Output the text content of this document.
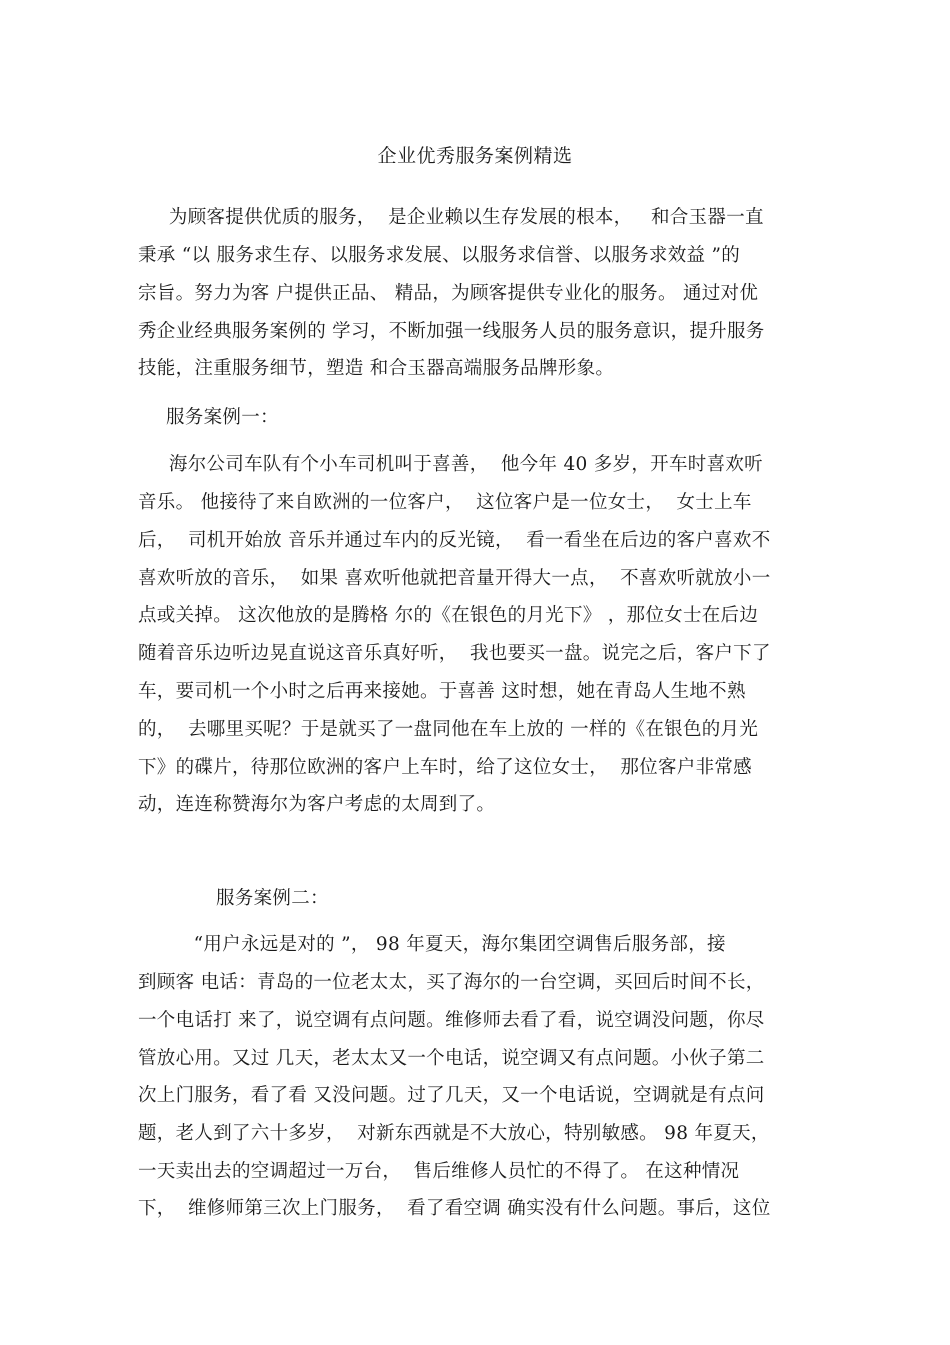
企业优秀服务案例精选
为顾客提供优质的服务，  是企业赖以生存发展的根本，   和合玉器一直
秉承 “以 服务求生存、以服务求发展、以服务求信誉、以服务求效益 ”的
宗旨。努力为客 户提供正品、 精品，为顾客提供专业化的服务。 通过对优
秀企业经典服务案例的 学习，不断加强一线服务人员的服务意识，提升服务
技能，注重服务细节，塑造 和合玉器高端服务品牌形象。
服务案例一：
海尔公司车队有个小车司机叫于喜善，  他今年 40 多岁，开车时喜欢听
音乐。 他接待了来自欧洲的一位客户，  这位客户是一位女士，  女士上车
后，  司机开始放 音乐并通过车内的反光镜，  看一看坐在后边的客户喜欢不
喜欢听放的音乐，  如果 喜欢听他就把音量开得大一点，  不喜欢听就放小一
点或关掉。 这次他放的是腾格 尔的《在银色的月光下》 ，那位女士在后边
随着音乐边听边晃直说这音乐真好听，  我也要买一盘。说完之后，客户下了
车，要司机一个小时之后再来接她。于喜善 这时想，她在青岛人生地不熟
的，  去哪里买呢？于是就买了一盘同他在车上放的 一样的《在银色的月光
下》的碟片，待那位欧洲的客户上车时，给了这位女士，  那位客户非常感
动，连连称赞海尔为客户考虑的太周到了。
服务案例二：
“用户永远是对的 ”， 98 年夏天，海尔集团空调售后服务部，接
到顾客 电话：青岛的一位老太太，买了海尔的一台空调，买回后时间不长，
一个电话打 来了，说空调有点问题。维修师去看了看，说空调没问题，你尽
管放心用。又过 几天，老太太又一个电话，说空调又有点问题。小伙子第二
次上门服务，看了看 又没问题。过了几天，又一个电话说，空调就是有点问
题，老人到了六十多岁，  对新东西就是不大放心，特别敏感。 98 年夏天，
一天卖出去的空调超过一万台，  售后维修人员忙的不得了。 在这种情况
下，  维修师第三次上门服务，  看了看空调 确实没有什么问题。事后，这位
